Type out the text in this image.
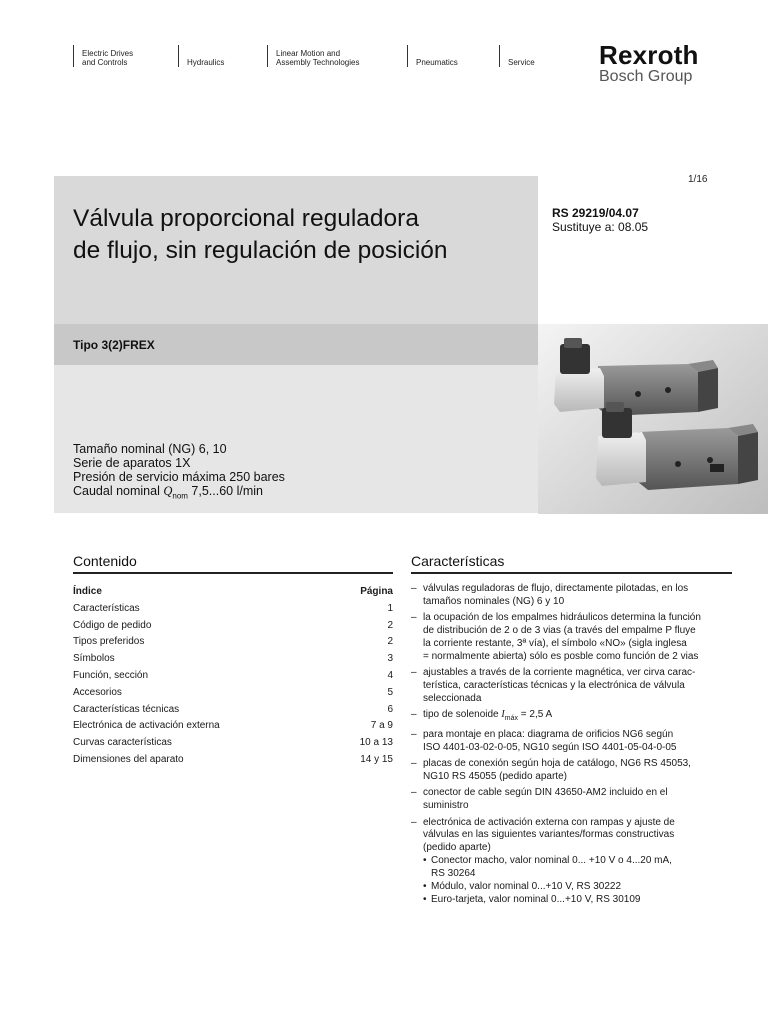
Electric Drives
and Controls	Hydraulics
Linear Motion and
Assembly Technologies	Pneumatics	Service Rexroth
Bosch Group
1/16
Válvula proporcional reguladora
de flujo, sin regulación de posición
RS 29219/04.07
Sustituye a: 08.05
Tipo 3(2)FREX
Tamaño nominal (NG) 6, 10
Serie de aparatos 1X
Presión de servicio máxima 250 bares
Caudal nominal $Q_{nom}$ 7,5...60 l/min
Contenido
Índice	Página
Características	1
Código de pedido	2
Tipos preferidos	2
Símbolos	3
Función, sección	4
Accesorios	5
Características técnicas	6
Electrónica de activación externa	7 a 9
Curvas características	10 a 13
Dimensiones del aparato	14 y 15
Características
– válvulas reguladoras de flujo, directamente pilotadas, en los
tamaños nominales (NG) 6 y 10
– la ocupación de los empalmes hidráulicos determina la función
de distribución de 2 o de 3 vias (a través del empalme P fluye
la corriente restante, 3ª vía), el símbolo «NO» (sigla inglesa
= normalmente abierta) sólo es posble como función de 2 vias
– ajustables a través de la corriente magnética, ver cirva carac-
terística, características técnicas y la electrónica de válvula
seleccionada
– tipo de solenoide $I_{máx} = 2,5$ A
– para montaje en placa: diagrama de orificios NG6 según
ISO 4401-03-02-0-05, NG10 según ISO 4401-05-04-0-05
– placas de conexión según hoja de catálogo, NG6 RS 45053,
NG10 RS 45055 (pedido aparte)
– conector de cable según DIN 43650-AM2 incluido en el
suministro
– electrónica de activación externa con rampas y ajuste de
válvulas en las siguientes variantes/formas constructivas
(pedido aparte)
• Conector macho, valor nominal 0... +10 V o 4...20 mA,
RS 30264
• Módulo, valor nominal 0...+10 V, RS 30222
• Euro-tarjeta, valor nominal 0...+10 V, RS 30109
